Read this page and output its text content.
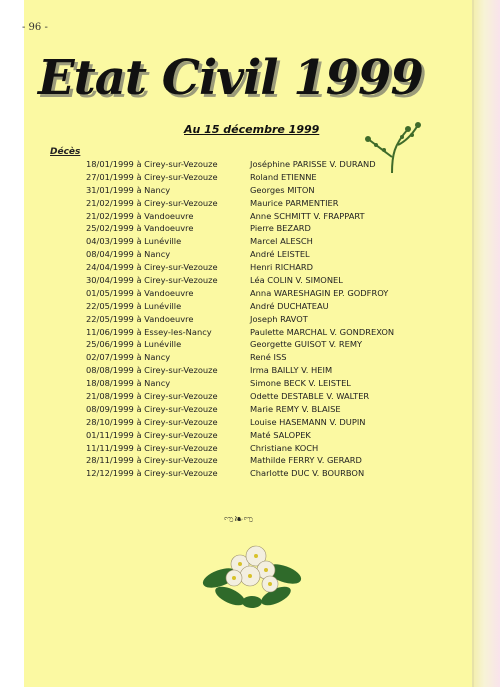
- 96 -
Etat Civil 1999
Au 15 décembre 1999
Décès
18/01/1999 à Cirey-sur-Vezouze	Joséphine PARISSE V. DURAND
27/01/1999 à Cirey-sur-Vezouze	Roland ETIENNE
31/01/1999 à Nancy	Georges MITON
21/02/1999 à Cirey-sur-Vezouze	Maurice PARMENTIER
21/02/1999 à Vandoeuvre	Anne SCHMITT V. FRAPPART
25/02/1999 à Vandoeuvre	Pierre BEZARD
04/03/1999 à Lunéville	Marcel ALESCH
08/04/1999 à Nancy	André LEISTEL
24/04/1999 à Cirey-sur-Vezouze	Henri RICHARD
30/04/1999 à Cirey-sur-Vezouze	Léa COLIN V. SIMONEL
01/05/1999 à Vandoeuvre	Anna WARESHAGIN EP. GODFROY
22/05/1999 à Lunéville	André DUCHATEAU
22/05/1999 à Vandoeuvre	Joseph RAVOT
11/06/1999 à Essey-les-Nancy	Paulette MARCHAL V. GONDREXON
25/06/1999 à Lunéville	Georgette GUISOT V. REMY
02/07/1999 à Nancy	René ISS
08/08/1999 à Cirey-sur-Vezouze	Irma BAILLY V. HEIM
18/08/1999 à Nancy	Simone BECK V. LEISTEL
21/08/1999 à Cirey-sur-Vezouze	Odette DESTABLE V. WALTER
08/09/1999 à Cirey-sur-Vezouze	Marie REMY V. BLAISE
28/10/1999 à Cirey-sur-Vezouze	Louise HASEMANN V. DUPIN
01/11/1999 à Cirey-sur-Vezouze	Maté SALOPEK
11/11/1999 à Cirey-sur-Vezouze	Christiane KOCH
28/11/1999 à Cirey-sur-Vezouze	Mathilde FERRY V. GERARD
12/12/1999 à Cirey-sur-Vezouze	Charlotte DUC V. BOURBON
ಌ❧ಌ
